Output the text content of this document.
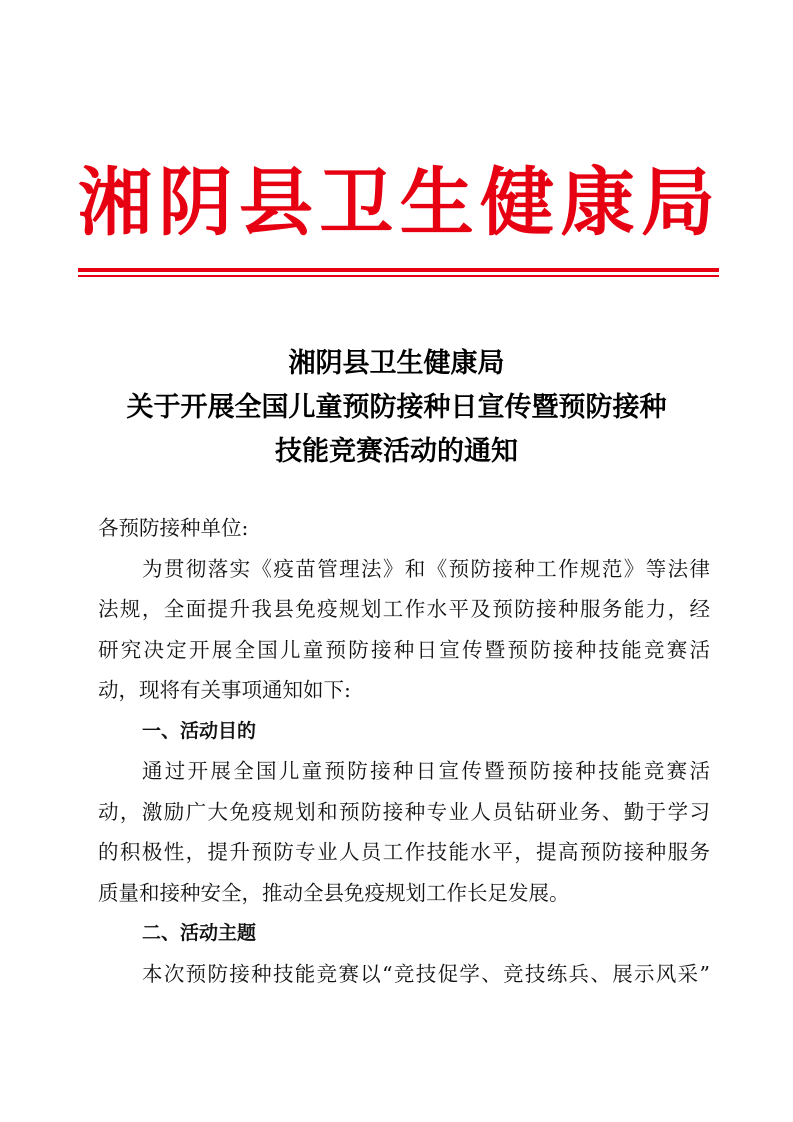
湘阴县卫生健康局
湘阴县卫生健康局
关于开展全国儿童预防接种日宣传暨预防接种
技能竞赛活动的通知
各预防接种单位:
为贯彻落实《疫苗管理法》和《预防接种工作规范》等法律
法规，全面提升我县免疫规划工作水平及预防接种服务能力，经
研究决定开展全国儿童预防接种日宣传暨预防接种技能竞赛活
动，现将有关事项通知如下:
一、活动目的
通过开展全国儿童预防接种日宣传暨预防接种技能竞赛活
动，激励广大免疫规划和预防接种专业人员钻研业务、勤于学习
的积极性，提升预防专业人员工作技能水平，提高预防接种服务
质量和接种安全，推动全县免疫规划工作长足发展。
二、活动主题
本次预防接种技能竞赛以“竞技促学、竞技练兵、展示风采”
